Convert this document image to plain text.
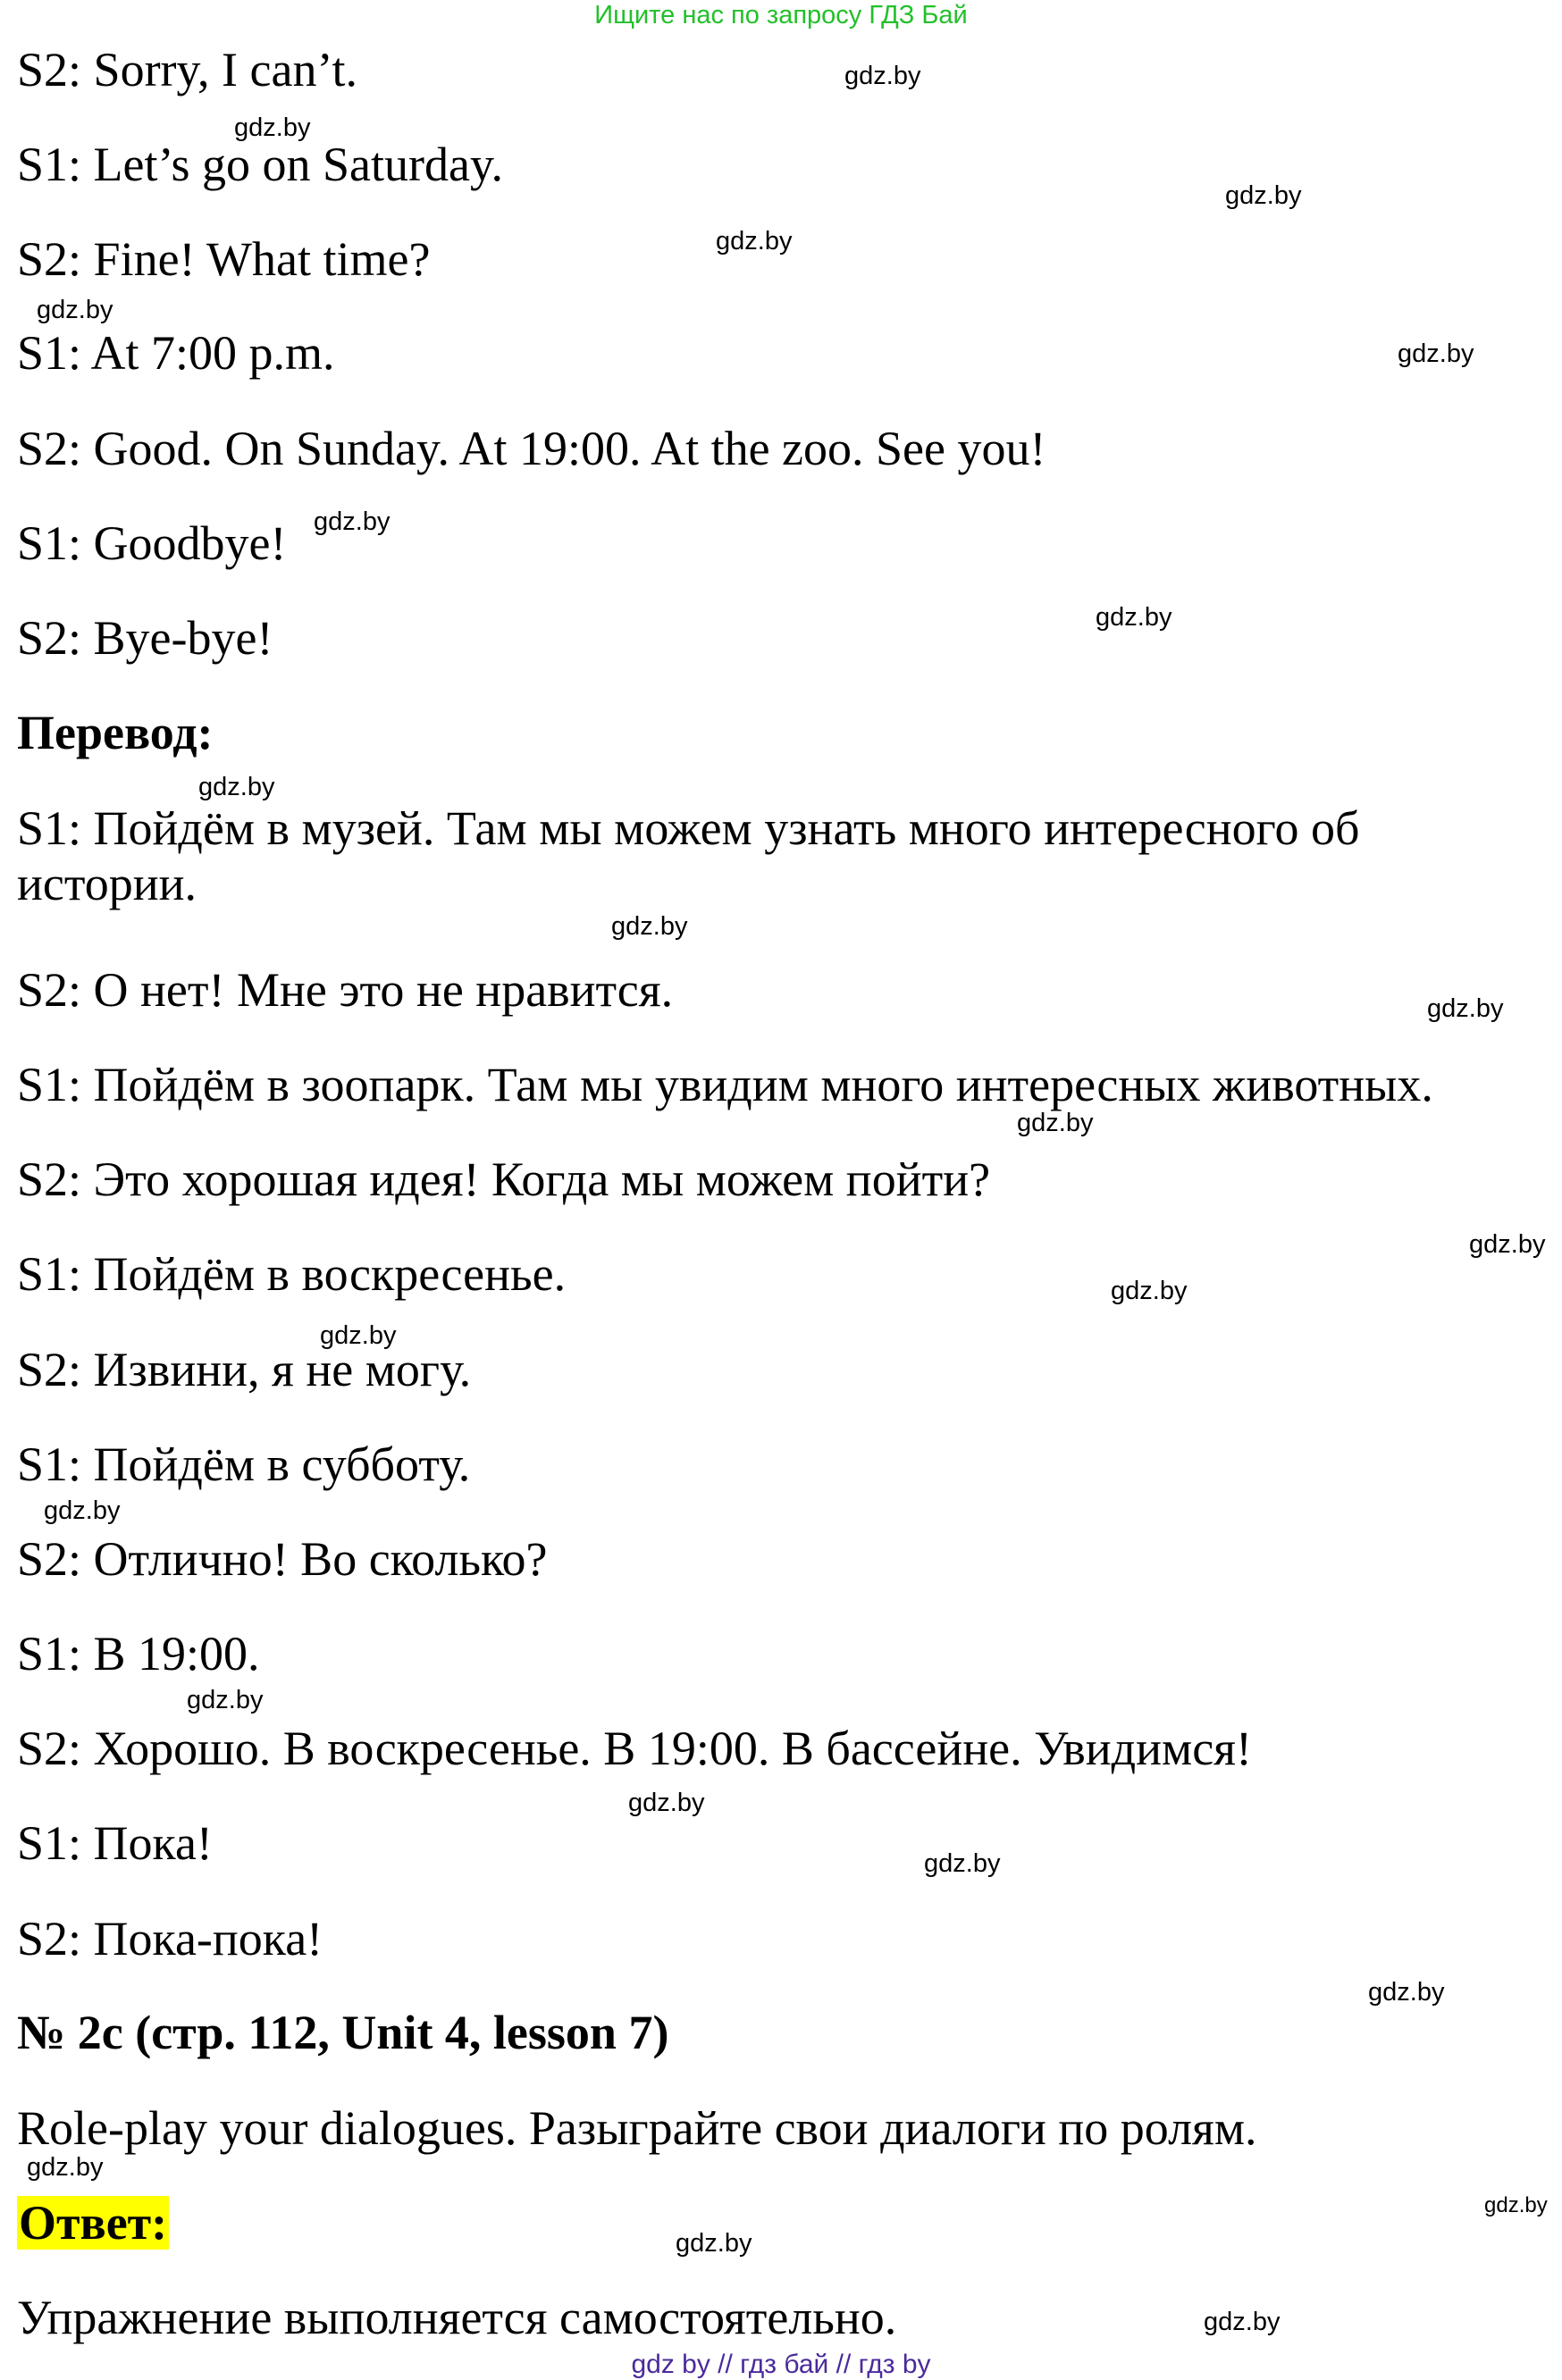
Ищите нас по запросу ГДЗ Бай
S2: Sorry, I can’t.
S1: Let’s go on Saturday.
S2: Fine! What time?
S1: At 7:00 p.m.
S2: Good. On Sunday. At 19:00. At the zoo. See you!
S1: Goodbye!
S2: Bye-bye!
Перевод:
S1: Пойдём в музей. Там мы можем узнать много интересного об истории.
S2: О нет! Мне это не нравится.
S1: Пойдём в зоопарк. Там мы увидим много интересных животных.
S2: Это хорошая идея! Когда мы можем пойти?
S1: Пойдём в воскресенье.
S2: Извини, я не могу.
S1: Пойдём в субботу.
S2: Отлично! Во сколько?
S1: В 19:00.
S2: Хорошо. В воскресенье. В 19:00. В бассейне. Увидимся!
S1: Пока!
S2: Пока-пока!
№ 2c (стр. 112, Unit 4, lesson 7)
Role-play your dialogues. Разыграйте свои диалоги по ролям.
Ответ:
Упражнение выполняется самостоятельно.
gdz.by
gdz.by
gdz.by
gdz.by
gdz.by
gdz.by
gdz.by
gdz.by
gdz.by
gdz.by
gdz.by
gdz.by
gdz.by
gdz.by
gdz.by
gdz.by
gdz.by
gdz.by
gdz.by
gdz.by
gdz.by
gdz.by
gdz.by
gdz.by
gdz by // гдз бай // гдз by
